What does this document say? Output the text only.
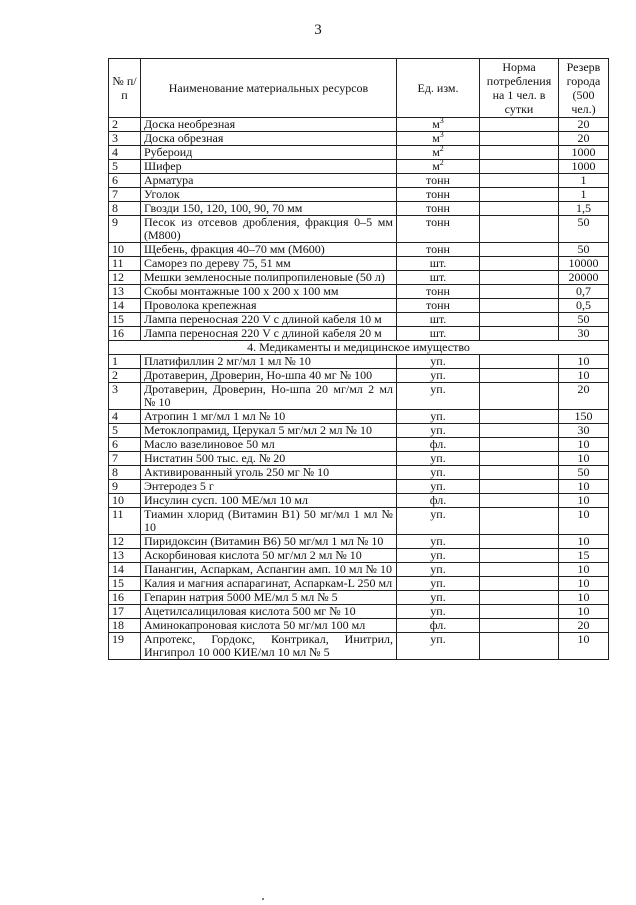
3
№ п/п	Наименование материальных ресурсов	Ед. изм.	Норма потребления на 1 чел. в сутки	Резерв города (500 чел.)
2	Доска необрезная	$м^3$		20
3	Доска обрезная	$м^3$		20
4	Рубероид	$м^2$		1000
5	Шифер	$м^2$		1000
6	Арматура	тонн		1
7	Уголок	тонн		1
8	Гвозди 150, 120, 100, 90, 70 мм	тонн		1,5
9	Песок из отсевов дробления, фракция 0–5 мм (М800)	тонн		50
10	Щебень, фракция 40–70 мм (М600)	тонн		50
11	Саморез по дереву 75, 51 мм	шт.		10000
12	Мешки земленосные полипропиленовые (50 л)	шт.		20000
13	Скобы монтажные 100 х 200 х 100 мм	тонн		0,7
14	Проволока крепежная	тонн		0,5
15	Лампа переносная 220 V с длиной кабеля 10 м	шт.		50
16	Лампа переносная 220 V с длиной кабеля 20 м	шт.		30
4. Медикаменты и медицинское имущество				
1	Платифиллин 2 мг/мл 1 мл № 10	уп.		10
2	Дротаверин, Дроверин, Но-шпа 40 мг № 100	уп.		10
3	Дротаверин, Дроверин, Но-шпа 20 мг/мл 2 мл № 10	уп.		20
4	Атропин 1 мг/мл 1 мл № 10	уп.		150
5	Метоклопрамид, Церукал 5 мг/мл 2 мл № 10	уп.		30
6	Масло вазелиновое 50 мл	фл.		10
7	Нистатин 500 тыс. ед. № 20	уп.		10
8	Активированный уголь 250 мг № 10	уп.		50
9	Энтеродез 5 г	уп.		10
10	Инсулин сусп. 100 МЕ/мл 10 мл	фл.		10
11	Тиамин хлорид (Витамин В1) 50 мг/мл 1 мл № 10	уп.		10
12	Пиридоксин (Витамин В6) 50 мг/мл 1 мл № 10	уп.		10
13	Аскорбиновая кислота 50 мг/мл 2 мл № 10	уп.		15
14	Панангин, Аспаркам, Аспангин амп. 10 мл № 10	уп.		10
15	Калия и магния аспарагинат, Аспаркам-L 250 мл	уп.		10
16	Гепарин натрия 5000 МЕ/мл 5 мл № 5	уп.		10
17	Ацетилсалициловая кислота 500 мг № 10	уп.		10
18	Аминокапроновая кислота 50 мг/мл 100 мл	фл.		20
19	Апротекс, Гордокс, Контрикал, Инитрил, Ингипрол 10 000 КИЕ/мл 10 мл № 5	уп.		10
